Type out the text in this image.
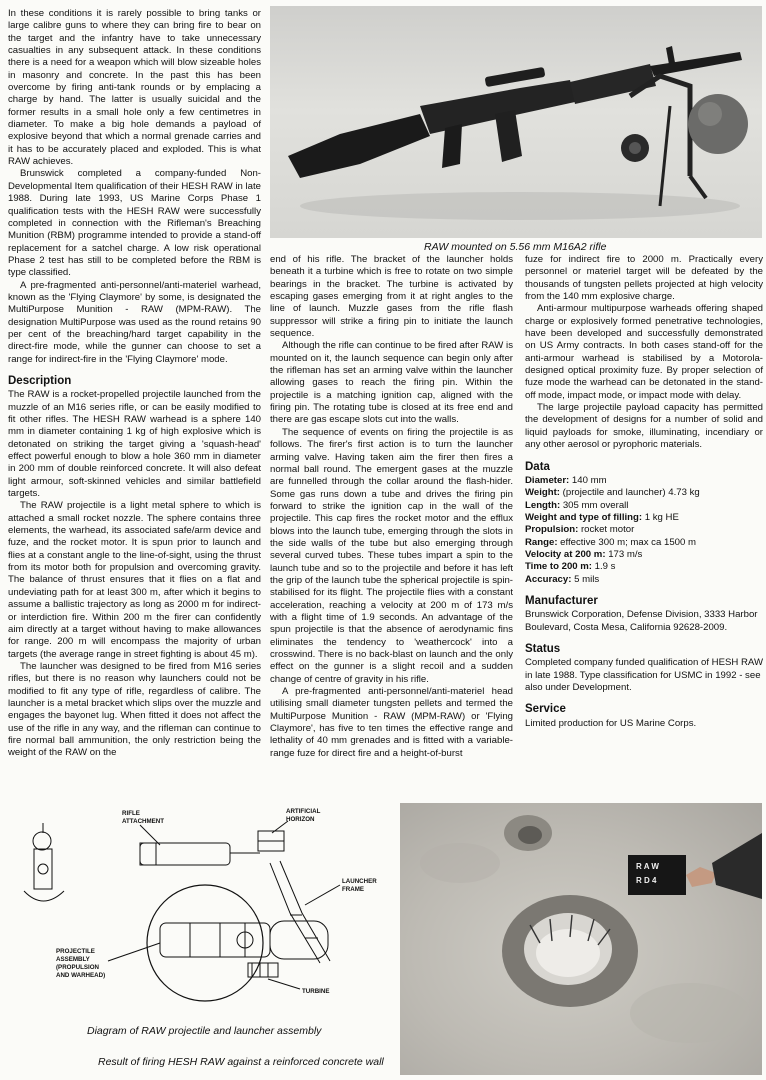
In these conditions it is rarely possible to bring tanks or large calibre guns to where they can bring fire to bear on the target and the infantry have to take unnecessary casualties in any subsequent attack. In these conditions there is a need for a weapon which will blow sizeable holes in masonry and concrete. In the past this has been overcome by firing anti-tank rounds or by emplacing a charge by hand. The latter is usually suicidal and the former results in a small hole only a few centimetres in diameter. To make a big hole demands a payload of explosive beyond that which a normal grenade carries and it has to be accurately placed and exploded. This is what RAW achieves.

Brunswick completed a company-funded Non-Developmental Item qualification of their HESH RAW in late 1988. During late 1993, US Marine Corps Phase 1 qualification tests with the HESH RAW were successfully completed in connection with the Rifleman's Breaching Munition (RBM) programme intended to provide a stand-off replacement for a satchel charge. A low risk operational Phase 2 test has still to be completed before the RBM is type classified.

A pre-fragmented anti-personnel/anti-materiel warhead, known as the 'Flying Claymore' by some, is designated the MultiPurpose Munition - RAW (MPM-RAW). The designation MultiPurpose was used as the round retains 90 per cent of the breaching/hard target capability in the direct-fire mode, while the gunner can choose to set a range for indirect-fire in the 'Flying Claymore' mode.

Description

The RAW is a rocket-propelled projectile launched from the muzzle of an M16 series rifle, or can be easily modified to fit other rifles. The HESH RAW warhead is a sphere 140 mm in diameter containing 1 kg of high explosive which is detonated on striking the target giving a 'squash-head' effect powerful enough to blow a hole 360 mm in diameter in 200 mm of double reinforced concrete. It will also defeat light armour, soft-skinned vehicles and similar battlefield targets.

The RAW projectile is a light metal sphere to which is attached a small rocket nozzle. The sphere contains three elements, the warhead, its associated safe/arm device and fuze, and the rocket motor. It is spun prior to launch and flies at a constant angle to the line-of-sight, using the thrust from its motor both for propulsion and overcoming gravity. The balance of thrust ensures that it flies on a flat and undeviating path for at least 300 m, after which it begins to assume a ballistic trajectory as long as 2000 m for indirect- or interdiction fire. Within 200 m the firer can confidently aim directly at a target without having to make allowances for range. 200 m will encompass the majority of urban targets (the average range in street fighting is about 45 m).

The launcher was designed to be fired from M16 series rifles, but there is no reason why launchers could not be modified to fit any type of rifle, regardless of calibre. The launcher is a metal bracket which slips over the muzzle and engages the bayonet lug. When fitted it does not affect the use of the rifle in any way, and the rifleman can continue to fire normal ball ammunition, the only restriction being the weight of the RAW on the

RAW mounted on 5.56 mm M16A2 rifle

end of his rifle. The bracket of the launcher holds beneath it a turbine which is free to rotate on two simple bearings in the bracket. The turbine is activated by escaping gases emerging from it at right angles to the line of launch. Muzzle gases from the rifle flash suppressor will strike a firing pin to initiate the launch sequence.

Although the rifle can continue to be fired after RAW is mounted on it, the launch sequence can begin only after the rifleman has set an arming valve within the launcher allowing gases to reach the firing pin. Within the projectile is a matching ignition cap, aligned with the firing pin. The rotating tube is closed at its free end and there are gas escape slots cut into the walls.

The sequence of events on firing the projectile is as follows. The firer's first action is to turn the launcher arming valve. Having taken aim the firer then fires a normal ball round. The emergent gases at the muzzle are funnelled through the collar around the flash-hider. Some gas runs down a tube and drives the firing pin forward to strike the ignition cap in the wall of the projectile. This cap fires the rocket motor and the efflux blows into the launch tube, emerging through the slots in the side walls of the tube but also emerging through several curved tubes. These tubes impart a spin to the launch tube and so to the projectile and before it has left the grip of the launch tube the spherical projectile is spin-stabilised for its flight. The projectile flies with a constant acceleration, reaching a velocity at 200 m of 173 m/s with a flight time of 1.9 seconds. An advantage of the spun projectile is that the absence of aerodynamic fins eliminates the tendency to 'weathercock' into a crosswind. There is no back-blast on launch and the only effect on the gunner is a slight recoil and a sudden change of centre of gravity in his rifle.

A pre-fragmented anti-personnel/anti-materiel head utilising small diameter tungsten pellets and termed the MultiPurpose Munition - RAW (MPM-RAW) or 'Flying Claymore', has five to ten times the effective range and lethality of 40 mm grenades and is fitted with a variable-range fuze for direct fire and a height-of-burst

fuze for indirect fire to 2000 m. Practically every personnel or materiel target will be defeated by the thousands of tungsten pellets projected at high velocity from the 140 mm explosive charge.

Anti-armour multipurpose warheads offering shaped charge or explosively formed penetrative technologies, have been developed and successfully demonstrated on US Army contracts. In both cases stand-off for the anti-armour warhead is stabilised by a Motorola-designed optical proximity fuze. By proper selection of fuze mode the warhead can be detonated in the stand-off mode, impact mode, or impact mode with delay.

The large projectile payload capacity has permitted the development of designs for a number of solid and liquid payloads for smoke, illuminating, incendiary or any other aerosol or pyrophoric materials.

Data
Diameter: 140 mm
Weight: (projectile and launcher) 4.73 kg
Length: 305 mm overall
Weight and type of filling: 1 kg HE
Propulsion: rocket motor
Range: effective 300 m; max ca 1500 m
Velocity at 200 m: 173 m/s
Time to 200 m: 1.9 s
Accuracy: 5 mils
Manufacturer

Brunswick Corporation, Defense Division, 3333 Harbor Boulevard, Costa Mesa, California 92628-2009.

Status

Completed company funded qualification of HESH RAW in late 1988. Type classification for USMC in 1992 - see also under Development.

Service

Limited production for US Marine Corps.

RIFLE
ATTACHMENT
ARTIFICIAL
HORIZON
LAUNCHER
FRAME
PROJECTILE
ASSEMBLY
(PROPULSION
AND WARHEAD)
TURBINE
Diagram of RAW projectile and launcher assembly
R A W
R D 4
Result of firing HESH RAW against a reinforced concrete wall
